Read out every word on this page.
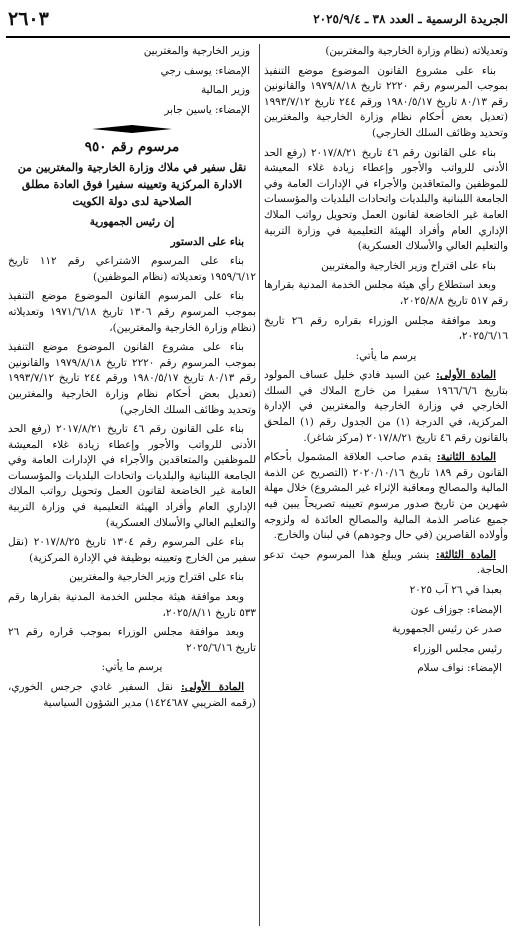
الجريدة الرسمية ـ العدد ٣٨ ـ ٢٠٢٥/٩/٤
٢٦٠٣
وتعديلاته (نظام وزارة الخارجية والمغتربين)
بناء على مشروع القانون الموضوع موضع التنفيذ بموجب المرسوم رقم ٢٢٢٠ تاريخ ١٩٧٩/٨/١٨ والقانونين رقم ٨٠/١٣ تاريخ ١٩٨٠/٥/١٧ ورقم ٢٤٤ تاريخ ١٩٩٣/٧/١٢ (تعديل بعض أحكام نظام وزارة الخارجية والمغتربين وتحديد وظائف السلك الخارجي)
بناء على القانون رقم ٤٦ تاريخ ٢٠١٧/٨/٢١ (رفع الحد الأدنى للرواتب والأجور وإعطاء زيادة غلاء المعيشة للموظفين والمتعاقدين والأجراء في الإدارات العامة وفي الجامعة اللبنانية والبلديات واتحادات البلديات والمؤسسات العامة غير الخاضعة لقانون العمل وتحويل رواتب الملاك الإداري العام وأفراد الهيئة التعليمية في وزارة التربية والتعليم العالي والأسلاك العسكرية)
بناء على اقتراح وزير الخارجية والمغتربين
وبعد استطلاع رأي هيئة مجلس الخدمة المدنية بقرارها رقم ٥١٧ تاريخ ٢٠٢٥/٨/٨،
وبعد موافقة مجلس الوزراء بقراره رقم ٢٦ تاريخ ٢٠٢٥/٦/١٦،
يرسم ما يأتي:
المادة الأولى: عين السيد فادي خليل عساف المولود بتاريخ ١٩٦٦/٦/٦ سفيرا من خارج الملاك في السلك الخارجي في وزارة الخارجية والمغتربين في الإدارة المركزية، في الدرجة (١) من الجدول رقم (١) الملحق بالقانون رقم ٤٦ تاريخ ٢٠١٧/٨/٢١ (مركز شاغر).
المادة الثانية: يقدم صاحب العلاقة المشمول بأحكام القانون رقم ١٨٩ تاريخ ٢٠٢٠/١٠/١٦ (التصريح عن الذمة المالية والمصالح ومعاقبة الإثراء غير المشروع) خلال مهلة شهرين من تاريخ صدور مرسوم تعيينه تصريحاً يبين فيه جميع عناصر الذمة المالية والمصالح العائدة له ولزوجه وأولاده القاصرين (في حال وجودهم) في لبنان والخارج.
المادة الثالثة: ينشر ويبلغ هذا المرسوم حيث تدعو الحاجة.
بعبدا في ٢٦ آب ٢٠٢٥
الإمضاء: جوزاف عون
صدر عن رئيس الجمهورية
رئيس مجلس الوزراء
الإمضاء: نواف سلام
وزير الخارجية والمغتربين
الإمضاء: يوسف رجي
وزير المالية
الإمضاء: ياسين جابر
مرسوم رقم ٩٥٠
نقل سفير في ملاك وزارة الخارجية والمغتربين من الادارة المركزية وتعيينه سفيرا فوق العادة مطلق الصلاحية لدى دولة الكويت
إن رئيس الجمهورية
بناء على الدستور
بناء على المرسوم الاشتراعي رقم ١١٢ تاريخ ١٩٥٩/٦/١٢ وتعديلاته (نظام الموظفين)
بناء على المرسوم القانون الموضوع موضع التنفيذ بموجب المرسوم رقم ١٣٠٦ تاريخ ١٩٧١/٦/١٨ وتعديلاته (نظام وزارة الخارجية والمغتربين)،
بناء على مشروع القانون الموضوع موضع التنفيذ بموجب المرسوم رقم ٢٢٢٠ تاريخ ١٩٧٩/٨/١٨ والقانونين رقم ٨٠/١٣ تاريخ ١٩٨٠/٥/١٧ ورقم ٢٤٤ تاريخ ١٩٩٣/٧/١٢ (تعديل بعض أحكام نظام وزارة الخارجية والمغتربين وتحديد وظائف السلك الخارجي)
بناء على القانون رقم ٤٦ تاريخ ٢٠١٧/٨/٢١ (رفع الحد الأدنى للرواتب والأجور وإعطاء زيادة غلاء المعيشة للموظفين والمتعاقدين والأجراء في الإدارات العامة وفي الجامعة اللبنانية والبلديات واتحادات البلديات والمؤسسات العامة غير الخاضعة لقانون العمل وتحويل رواتب الملاك الإداري العام وأفراد الهيئة التعليمية في وزارة التربية والتعليم العالي والأسلاك العسكرية)
بناء على المرسوم رقم ١٣٠٤ تاريخ ٢٠١٧/٨/٢٥ (نقل سفير من الخارج وتعيينه بوظيفة في الإدارة المركزية)
بناء على اقتراح وزير الخارجية والمغتربين
وبعد موافقة هيئة مجلس الخدمة المدنية بقرارها رقم ٥٣٣ تاريخ ٢٠٢٥/٨/١١،
وبعد موافقة مجلس الوزراء بموجب قراره رقم ٢٦ تاريخ ٢٠٢٥/٦/١٦
يرسم ما يأتي:
المادة الأولى: نقل السفير غادي جرجس الخوري، (رقمه الضريبي ١٤٢٤٦٨٧) مدير الشؤون السياسية
